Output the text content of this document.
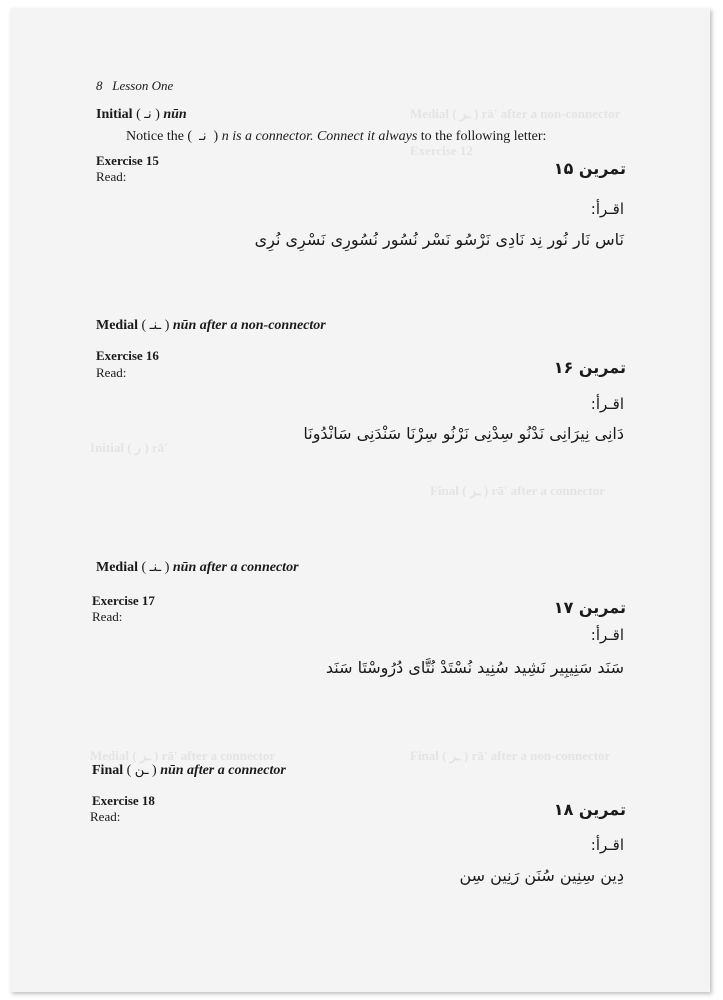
Medial ( ـر ) rā' after a non-connector
Exercise 12
Initial ( ر ) rā'
Final ( ـر ) rā' after a connector
Medial ( ـر ) rā' after a connector	Final ( ـر ) rā' after a non-connector
8 Lesson One
Initial ( نـ ) nūn
Notice the (  نـ  ) n is a connector. Connect it always to the following letter:
Exercise 15
Read:	تمرین ۱۵
اقـرأ:
نَاس نَار نُور نِد نَادِی نَرْسُو نَسْر نُسُور نُسُورِی نَسْرِی نُرِی
Medial ( ـنـ ) nūn after a non-connector
Exercise 16
Read:	تمرین ۱۶
اقـرأ:
دَانِی نِیرَانِی نَدْنُو سِدْنِی نَرْنُو سِرْنَا سَنْدَنِی سَانْدُونَا
Medial ( ـنـ ) nūn after a connector
Exercise 17
Read:	تمرین ۱۷
اقـرأ:
سَنَد سَنِیبِیر نَشِید سُنِید نُسْتَدْ نُتَّای دُرُوسْتَا سَنَد
Final ( ـن ) nūn after a connector
Exercise 18
Read:	تمرین ۱۸
اقـرأ:
دِین سِنِین سُنَن رَنِین سِن
